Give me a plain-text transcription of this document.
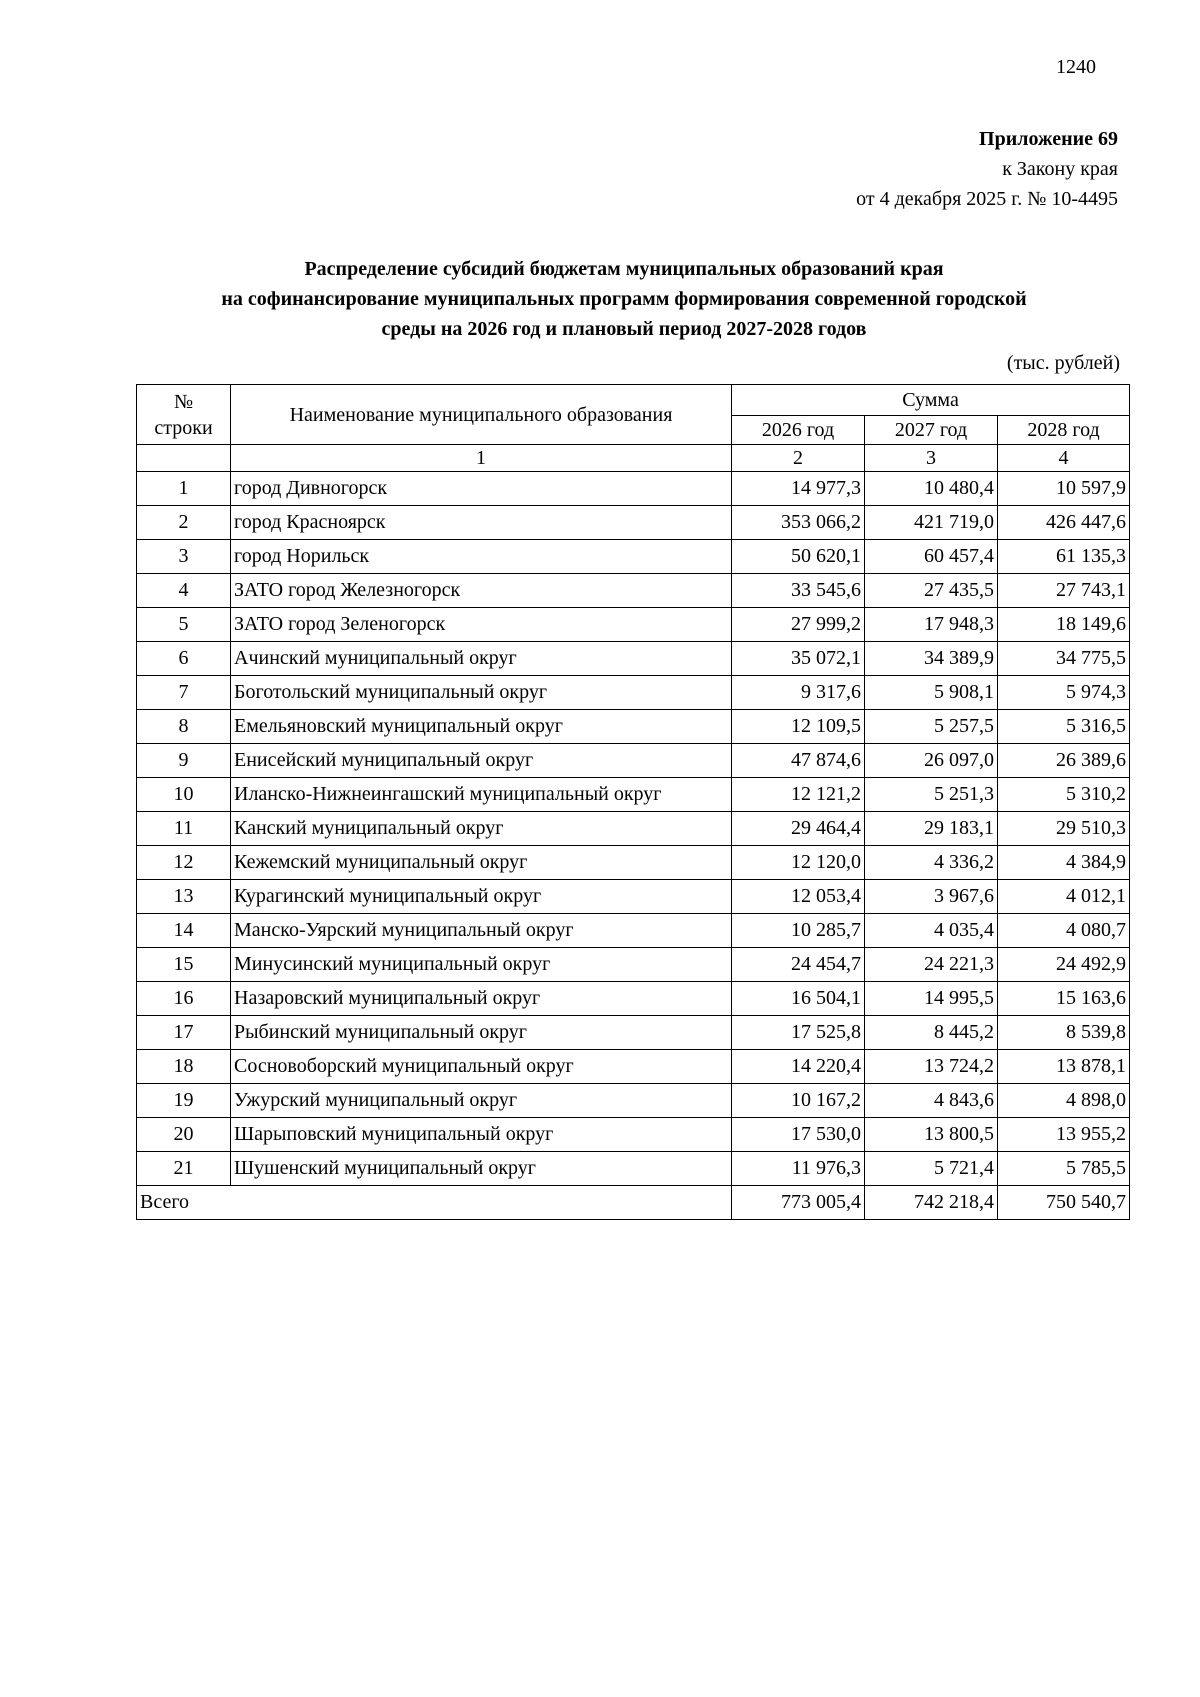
1240
Приложение 69
к Закону края
от 4 декабря 2025 г. № 10-4495
Распределение субсидий бюджетам муниципальных образований края
на софинансирование муниципальных программ формирования современной городской
среды на 2026 год и плановый период 2027-2028 годов
(тыс. рублей)
№
строки	Наименование муниципального образования	Сумма		
		2026 год	2027 год	2028 год
	1	2	3	4
1	город Дивногорск	14 977,3	10 480,4	10 597,9
2	город Красноярск	353 066,2	421 719,0	426 447,6
3	город Норильск	50 620,1	60 457,4	61 135,3
4	ЗАТО город Железногорск	33 545,6	27 435,5	27 743,1
5	ЗАТО город Зеленогорск	27 999,2	17 948,3	18 149,6
6	Ачинский муниципальный округ	35 072,1	34 389,9	34 775,5
7	Боготольский муниципальный округ	9 317,6	5 908,1	5 974,3
8	Емельяновский муниципальный округ	12 109,5	5 257,5	5 316,5
9	Енисейский муниципальный округ	47 874,6	26 097,0	26 389,6
10	Иланско-Нижнеингашский муниципальный округ	12 121,2	5 251,3	5 310,2
11	Канский муниципальный округ	29 464,4	29 183,1	29 510,3
12	Кежемский муниципальный округ	12 120,0	4 336,2	4 384,9
13	Курагинский муниципальный округ	12 053,4	3 967,6	4 012,1
14	Манско-Уярский муниципальный округ	10 285,7	4 035,4	4 080,7
15	Минусинский муниципальный округ	24 454,7	24 221,3	24 492,9
16	Назаровский муниципальный округ	16 504,1	14 995,5	15 163,6
17	Рыбинский муниципальный округ	17 525,8	8 445,2	8 539,8
18	Сосновоборский муниципальный округ	14 220,4	13 724,2	13 878,1
19	Ужурский муниципальный округ	10 167,2	4 843,6	4 898,0
20	Шарыповский муниципальный округ	17 530,0	13 800,5	13 955,2
21	Шушенский муниципальный округ	11 976,3	5 721,4	5 785,5
Всего		773 005,4	742 218,4	750 540,7
